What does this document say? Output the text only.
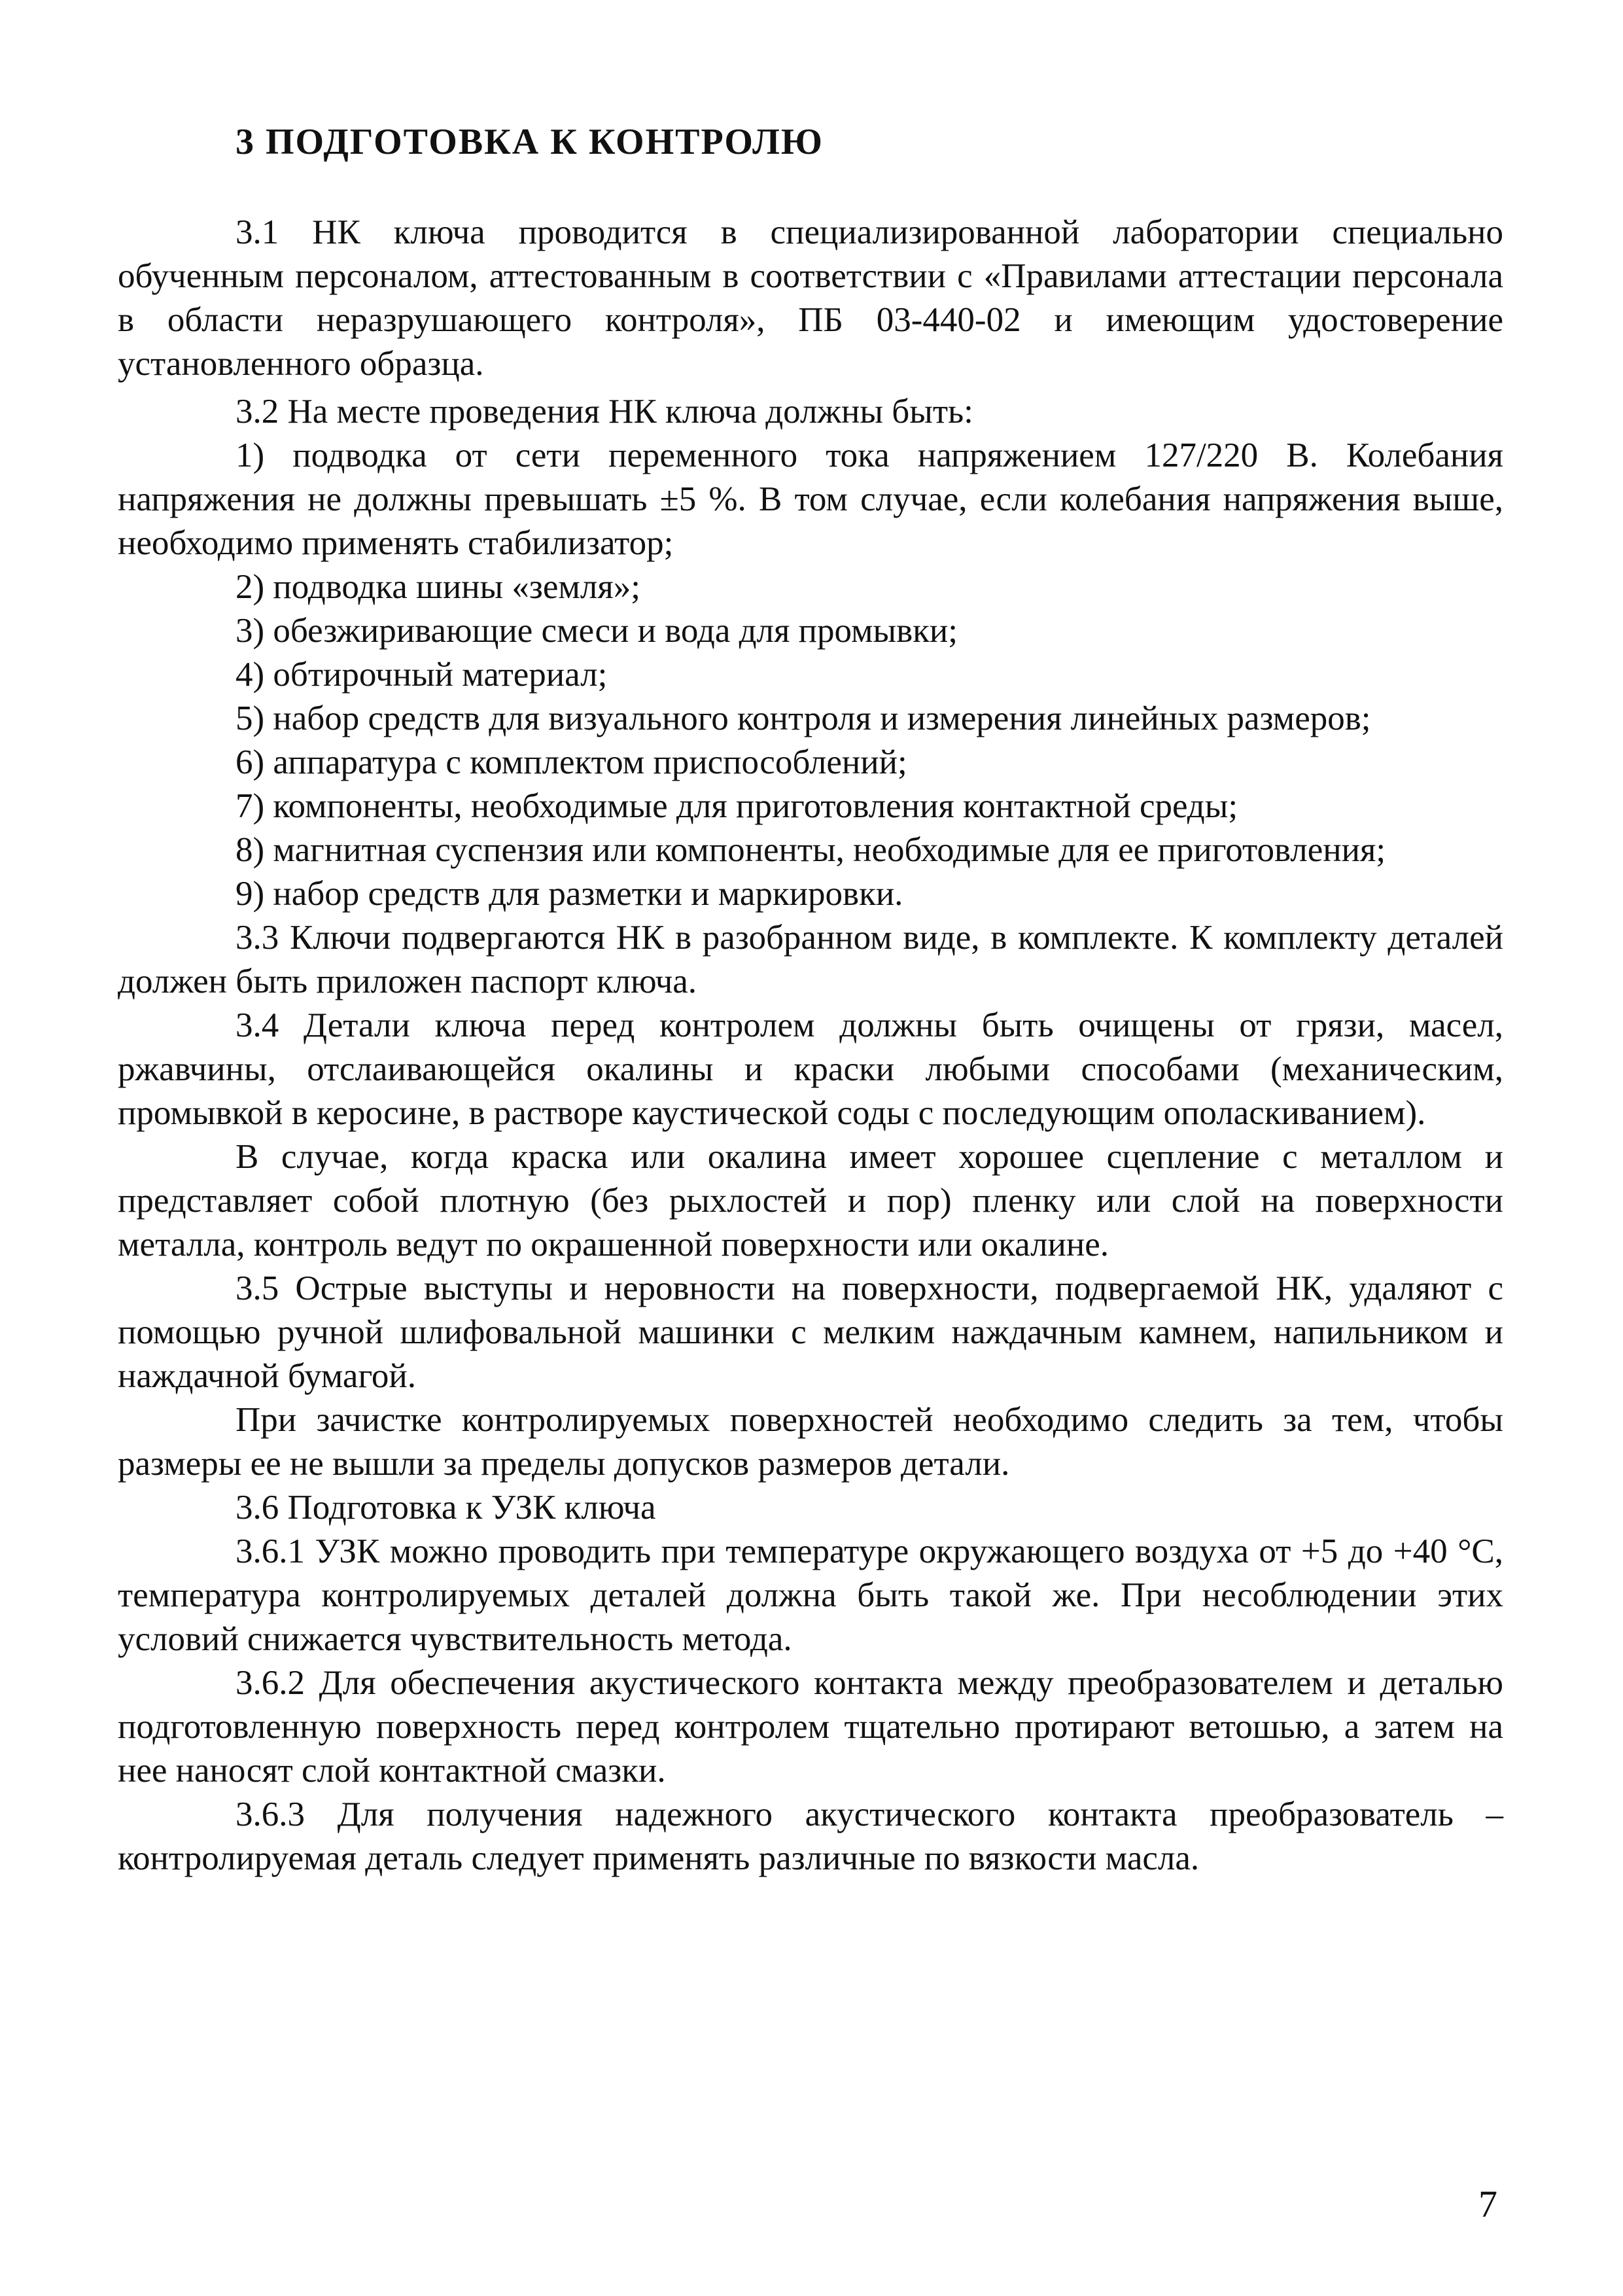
3 ПОДГОТОВКА К КОНТРОЛЮ

3.1 НК ключа проводится в специализированной лаборатории специально обученным персоналом, аттестованным в соответствии с «Правилами аттестации персонала в области неразрушающего контроля», ПБ 03-440-02 и имеющим удостоверение установленного образца.

3.2 На месте проведения НК ключа должны быть:

1) подводка от сети переменного тока напряжением 127/220 В. Колебания напряжения не должны превышать ±5 %. В том случае, если колебания напряжения выше, необходимо применять стабилизатор;

2) подводка шины «земля»;

3) обезжиривающие смеси и вода для промывки;

4) обтирочный материал;

5) набор средств для визуального контроля и измерения линейных размеров;

6) аппаратура с комплектом приспособлений;

7) компоненты, необходимые для приготовления контактной среды;

8) магнитная суспензия или компоненты, необходимые для ее приготовления;

9) набор средств для разметки и маркировки.

3.3 Ключи подвергаются НК в разобранном виде, в комплекте. К комплекту деталей должен быть приложен паспорт ключа.

3.4 Детали ключа перед контролем должны быть очищены от грязи, масел, ржавчины, отслаивающейся окалины и краски любыми способами (механическим, промывкой в керосине, в растворе каустической соды с последующим ополаскиванием).

В случае, когда краска или окалина имеет хорошее сцепление с металлом и представляет собой плотную (без рыхлостей и пор) пленку или слой на поверхности металла, контроль ведут по окрашенной поверхности или окалине.

3.5 Острые выступы и неровности на поверхности, подвергаемой НК, удаляют с помощью ручной шлифовальной машинки с мелким наждачным камнем, напильником и наждачной бумагой.

При зачистке контролируемых поверхностей необходимо следить за тем, чтобы размеры ее не вышли за пределы допусков размеров детали.

3.6 Подготовка к УЗК ключа

3.6.1 УЗК можно проводить при температуре окружающего воздуха от +5 до +40 °С, температура контролируемых деталей должна быть такой же. При несоблюдении этих условий снижается чувствительность метода.

3.6.2 Для обеспечения акустического контакта между преобразователем и деталью подготовленную поверхность перед контролем тщательно протирают ветошью, а затем на нее наносят слой контактной смазки.

3.6.3 Для получения надежного акустического контакта преобразователь – контролируемая деталь следует применять различные по вязкости масла.

7
